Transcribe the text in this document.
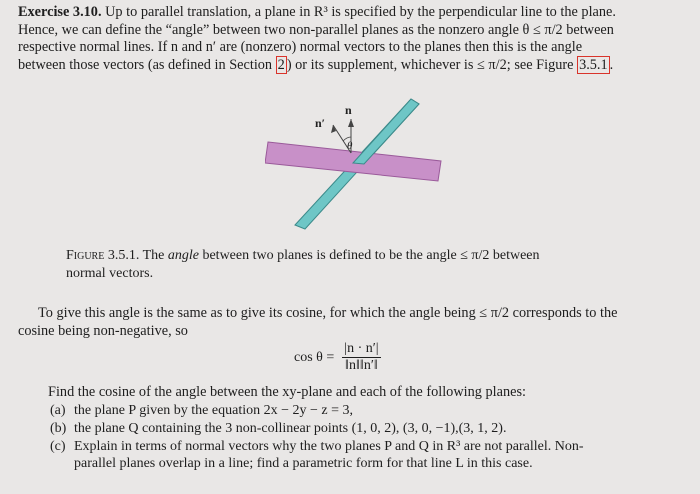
Exercise 3.10. Up to parallel translation, a plane in R³ is specified by the perpendicular line to the plane.
Hence, we can define the “angle” between two non-parallel planes as the nonzero angle θ ≤ π/2 between
respective normal lines. If n and n′ are (nonzero) normal vectors to the planes then this is the angle
between those vectors (as defined in Section 2 ) or its supplement, whichever is ≤ π/2; see Figure 3.5.1 .
n′
n
θ
Figure 3.5.1. The angle between two planes is defined to be the angle ≤ π/2 between
normal vectors.
To give this angle is the same as to give its cosine, for which the angle being ≤ π/2 corresponds to the
cosine being non-negative, so
$\cos \theta = \frac{|n \cdot n'|}{‖n‖‖n'‖}$
Find the cosine of the angle between the xy-plane and each of the following planes:
(a) the plane P given by the equation 2x − 2y − z = 3,
(b) the plane Q containing the 3 non-collinear points (1, 0, 2), (3, 0, −1),(3, 1, 2).
(c) Explain in terms of normal vectors why the two planes P and Q in R³ are not parallel. Non-
parallel planes overlap in a line; find a parametric form for that line L in this case.
